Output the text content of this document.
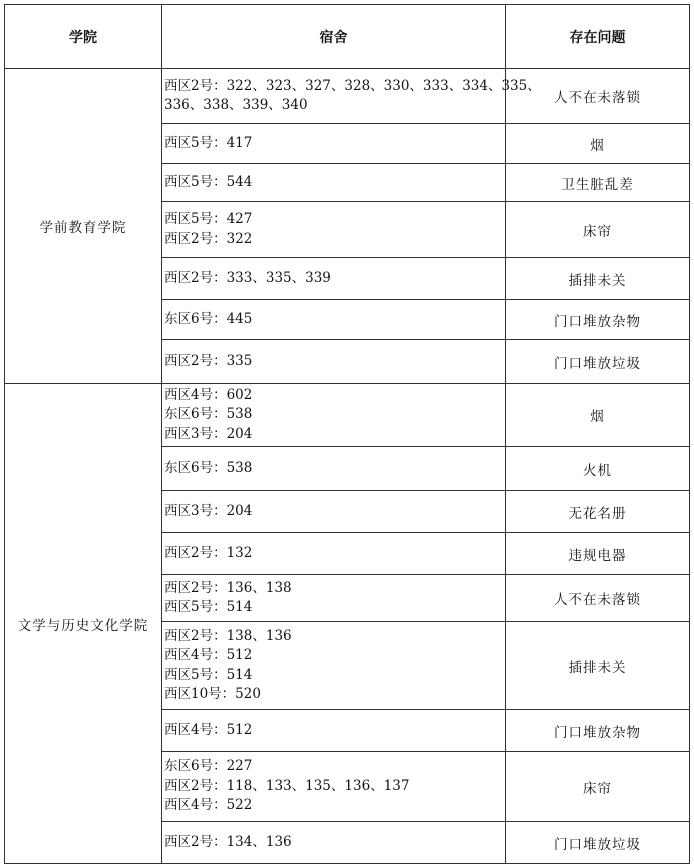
学院	宿舍	存在问题
学前教育学院	西区2号：322、323、327、328、330、333、334、335、
336、338、339、340	人不在未落锁

	西区5号：417	烟

	西区5号：544	卫生脏乱差

	西区5号：427
西区2号：322	床帘

	西区2号：333、335、339	插排未关

	东区6号：445	门口堆放杂物

	西区2号：335	门口堆放垃圾
文学与历史文化学院	西区4号：602
东区6号：538
西区3号：204	烟

	东区6号：538	火机

	西区3号：204	无花名册

	西区2号：132	违规电器

	西区2号：136、138
西区5号：514	人不在未落锁

	西区2号：138、136
西区4号：512
西区5号：514
西区10号：520	插排未关

	西区4号：512	门口堆放杂物

	东区6号：227
西区2号：118、133、135、136、137
西区4号：522	床帘

	西区2号：134、136	门口堆放垃圾
